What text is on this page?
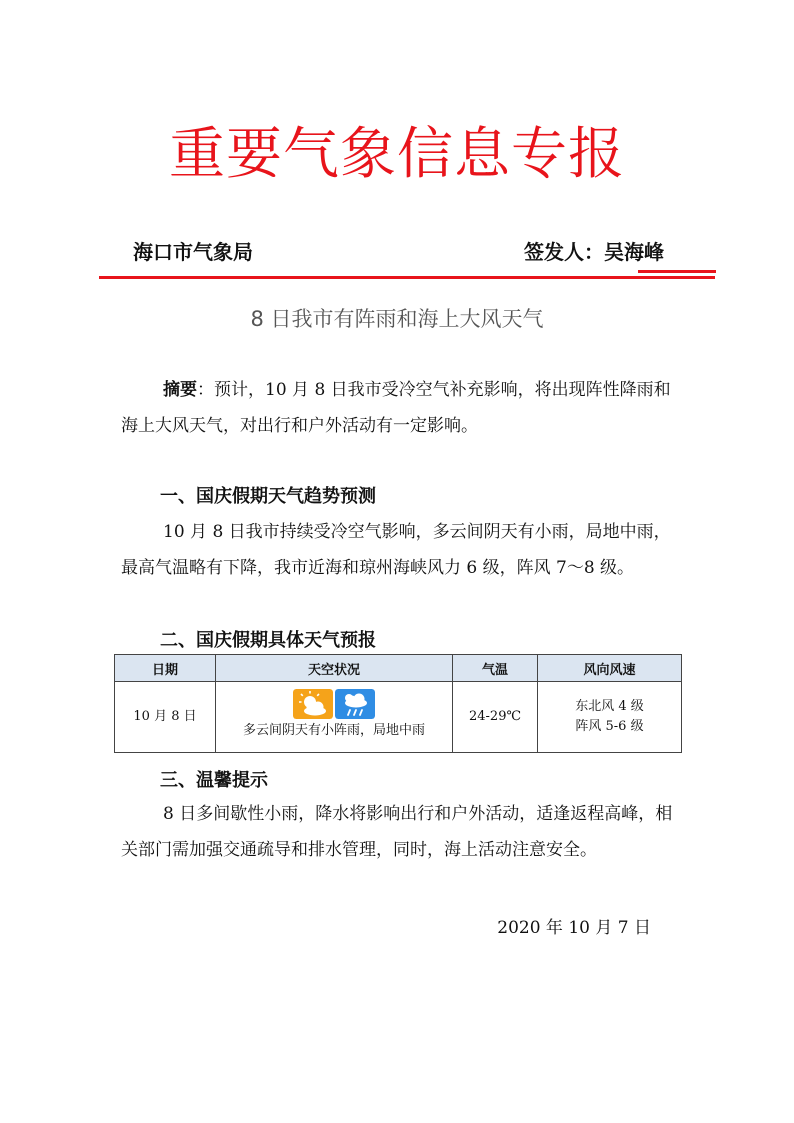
重要气象信息专报
海口市气象局	签发人：吴海峰
8 日我市有阵雨和海上大风天气

摘要：预计，10 月 8 日我市受冷空气补充影响，将出现阵性降雨和海上大风天气，对出行和户外活动有一定影响。

一、国庆假期天气趋势预测

10 月 8 日我市持续受冷空气影响，多云间阴天有小雨，局地中雨，最高气温略有下降，我市近海和琼州海峡风力 6 级，阵风 7～8 级。

二、国庆假期具体天气预报
日期	天空状况	气温	风向风速
10 月 8 日	多云间阴天有小阵雨，局地中雨	24-29℃	东北风 4 级
阵风 5-6 级
三、温馨提示

8 日多间歇性小雨，降水将影响出行和户外活动，适逢返程高峰，相关部门需加强交通疏导和排水管理，同时，海上活动注意安全。

2020 年 10 月 7 日
